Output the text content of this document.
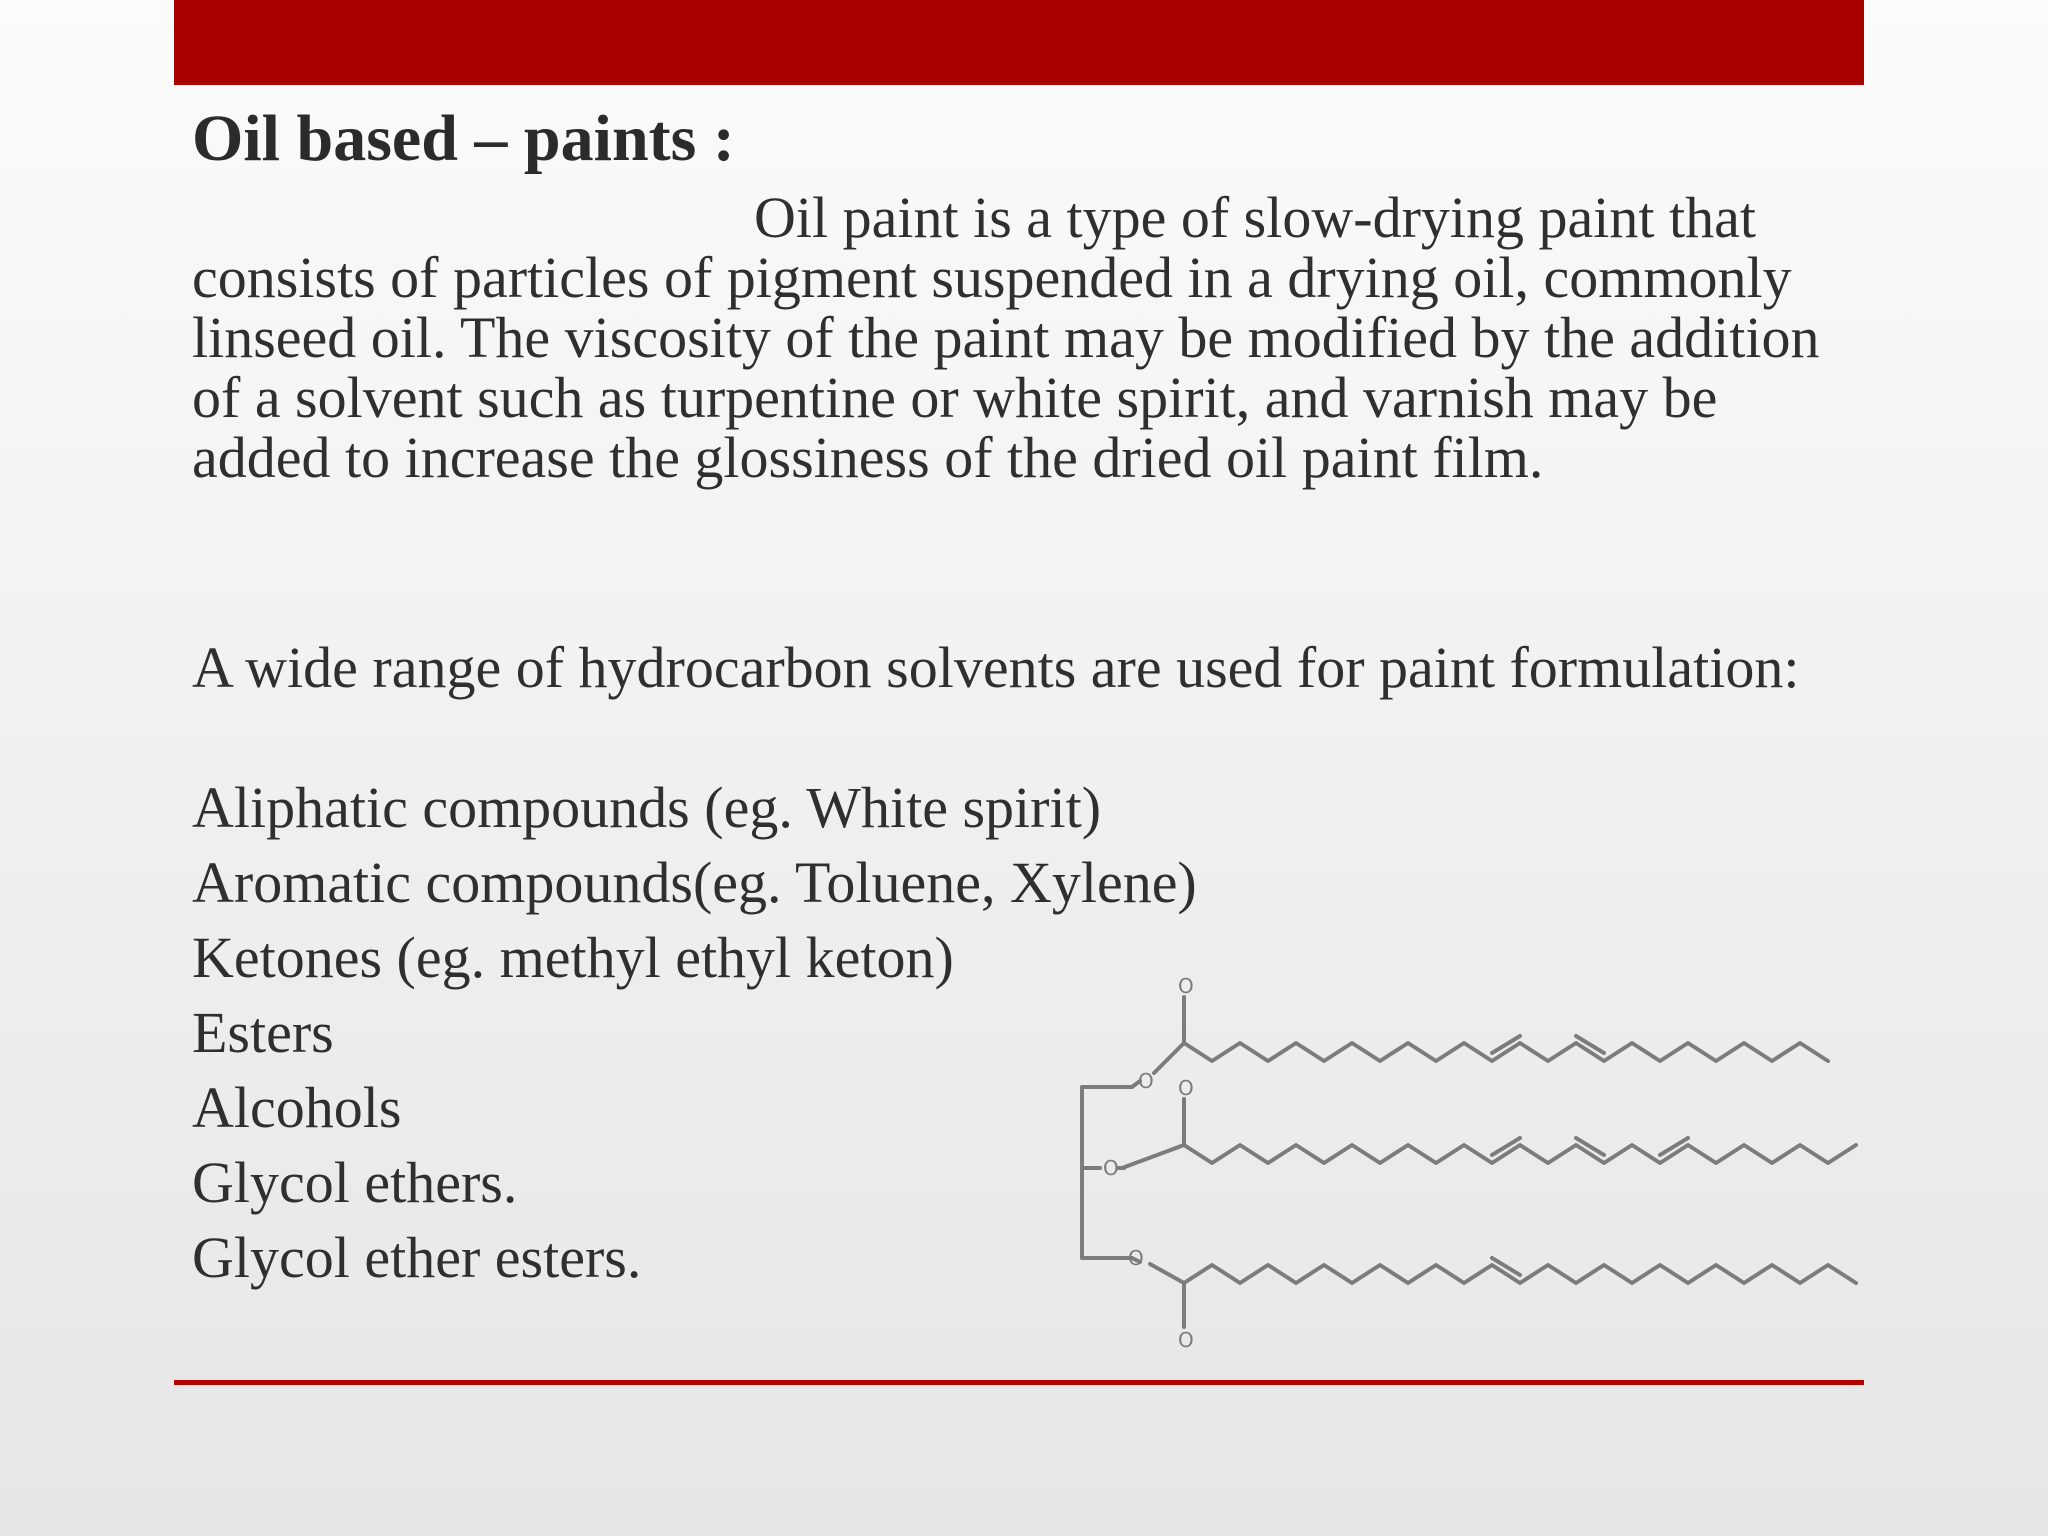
Oil based – paints :

Oil paint is a type of slow-drying paint that consists of particles of pigment suspended in a drying oil, commonly linseed oil. The viscosity of the paint may be modified by the addition of a solvent such as turpentine or white spirit, and varnish may be added to increase the glossiness of the dried oil paint film.

A wide range of hydrocarbon solvents are used for paint formulation:

Aliphatic compounds (eg. White spirit)
Aromatic compounds(eg. Toluene, Xylene)
Ketones (eg. methyl ethyl keton)
Esters
Alcohols
Glycol ethers.
Glycol ether esters.
O
O
O
O
O
O
